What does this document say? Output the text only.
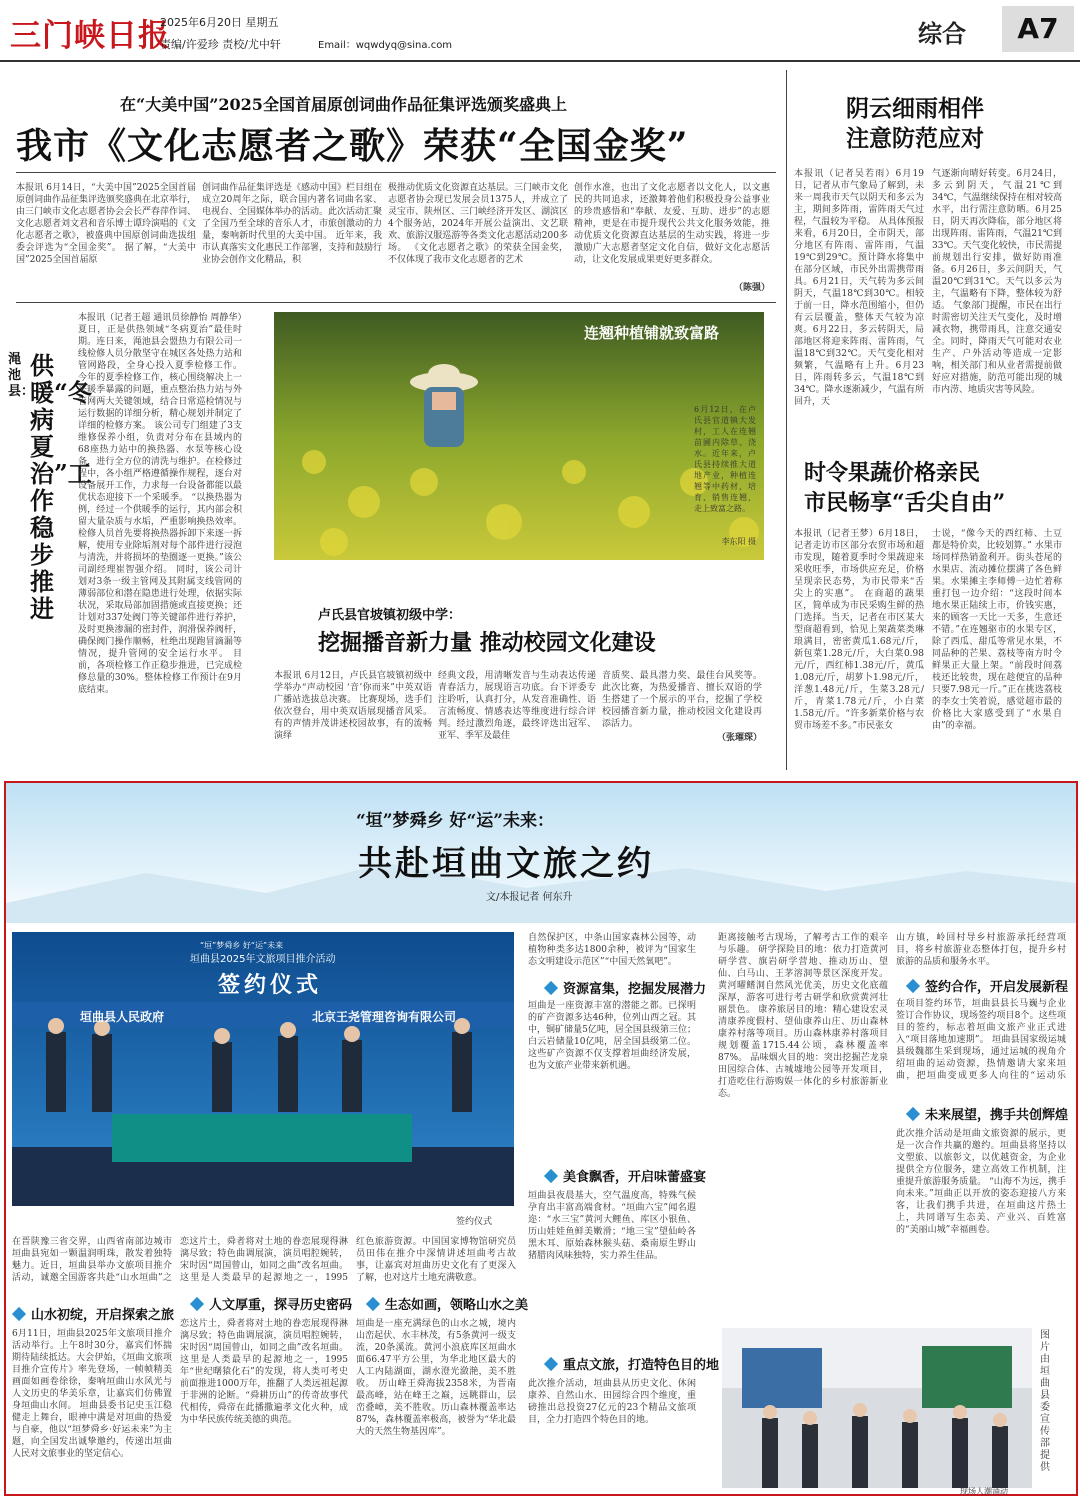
三门峡日报
2025年6月20日 星期五
责编/许爱珍 责校/尤中轩	Email：wqwdyq@sina.com	综合	A7
在“大美中国”2025全国首届原创词曲作品征集评选颁奖盛典上
我市《文化志愿者之歌》荣获“全国金奖”
本报讯 6月14日，“大美中国”2025全国首届原创词曲作品征集评选颁奖盛典在北京举行，由三门峡市文化志愿者协会会长严春萍作词、文化志愿者刘文君和音乐博士谭玲演唱的《文化志愿者之歌》，被盛典中国原创词曲选拔组委会评选为“全国金奖”。 据了解，“大美中国”2025全国首届原
创词曲作品征集评选是《感动中国》栏目组在成立20周年之际，联合国内著名词曲名家、电视台、全国媒体举办的活动。此次活动汇聚了全国乃至全球的音乐人才，市旅创激动的力量，秦响新时代里的大美中国。 近年来，我市认真落实文化惠民工作部署，支持和鼓励行业协会创作文化精品，积
极推动优质文化资源直达基层。三门峡市文化志愿者协会现已发展会员1375人，并成立了灵宝市、陕州区、三门峡经济开发区、湖滨区4个服务站，2024年开展公益演出、文艺联欢、旅游汉服巡游等各类文化志愿活动200多场。 《文化志愿者之歌》的荣获全国金奖，不仅体现了我市文化志愿者的艺术
创作水准，也出了文化志愿者以文化人，以文惠民的共同追求，还激舞着他们积极投身公益事业的珍贵感悟和“奉献、友爱、互助、进步”的志愿精神，更是在市提升现代公共文化服务效能，推动优质文化资源直达基层的生动实践，将进一步激励广大志愿者坚定文化自信，做好文化志愿活动，让文化发展成果更好更多群众。
（陈强）
阴云细雨相伴
注意防范应对
本报讯（记者吴若雨）6月19日，记者从市气象局了解到，未来一周我市天气以阴天和多云为主，期间多阵雨，雷阵雨天气过程，气温较为平稳。 从具体预报来看，6月20日，全市阴天，部分地区有阵雨、雷阵雨，气温19℃到29℃。预计降水将集中在部分区域，市民外出需携带雨具。6月21日，天气转为多云间阴天，气温18℃到30℃。相较于前一日，降水范围缩小，但仍有云层覆盖，整体天气较为凉爽。6月22日，多云转阴天，局部地区将迎来阵雨、雷阵雨，气温18℃到32℃。天气变化相对频繁，气温略有上升。6月23日，阵雨转多云，气温18℃到34℃。降水逐渐减少，气温有所回升，天
气逐渐向晴好转变。6月24日，多云到阴天，气温21℃到34℃，气温继续保持在相对较高水平，出行需注意防晒。6月25日，阴天再次降临，部分地区将出现阵雨、雷阵雨，气温21℃到33℃。天气变化较快，市民需提前规划出行安排，做好防雨准备。6月26日，多云间阴天，气温20℃到31℃。天气以多云为主，气温略有下降，整体较为舒适。 气象部门提醒，市民在出行时需密切关注天气变化，及时增减衣物，携带雨具，注意交通安全。同时，降雨天气可能对农业生产、户外活动等造成一定影响，相关部门和从业者需提前做好应对措施，防范可能出现的城市内涝、地质灾害等风险。
渑池县：
供暖“冬病夏治”工作稳步推进
本报讯（记者王超 通讯员徐静怡 周静华）夏日，正是供热领域“冬病夏治”最佳时期。连日来，渑池县会盟热力有限公司一线检修人员分散坚守在城区各处热力站和管网路段，全身心投入夏季检修工作。 今年的夏季检修工作，核心围绕解决上一采暖季暴露的问题，重点整治热力站与外管网两大关键领域，结合日常巡检情况与运行数据的详细分析，精心规划并制定了详细的检修方案。 该公司专门组建了3支维修保养小组，负责对分布在县域内的68座热力站中的换热器、水泵等核心设备，进行全方位的清洗与维护。在检修过程中，各小组严格遵循操作规程，逐台对设备展开工作，力求每一台设备都能以最优状态迎接下一个采暖季。 “以换热器为例，经过一个供暖季的运行，其内部会积留大量杂质与水垢，严重影响换热效率。检修人员首先要将换热器拆卸下来逐一拆解，使用专业除垢剂对每个部件进行浸泡与清洗，并将损坏的垫圈逐一更换。”该公司副经理崔智强介绍。 同时，该公司计划对3条一级主管网及其附属支线管网的薄弱部位和潜在隐患进行处理，依据实际状况，采取局部加固措施或直接更换；还计划对337处阀门等关键部件进行养护，及时更换渗漏的密封件，润滑保养阀杆，确保阀门操作顺畅，杜绝出现跑冒滴漏等情况，提升管网的安全运行水平。 目前，各项检修工作正稳步推进，已完成检修总量的30%。整体检修工作预计在9月底结束。
连翘种植铺就致富路
6月12日，在卢氏县官道镇大发村，工人在连翘苗圃内除草、浇水。近年来，卢氏县持续推大道地产业，种植连翘等中药材，培育、销售连翘，走上致富之路。
李东阳 摄
卢氏县官坡镇初级中学：
挖掘播音新力量 推动校园文化建设
本报讯 6月12日，卢氏县官坡镇初级中学举办“声动校园 ‘音’你而来”中英双语广播站选拔总决赛。 比赛现场，选手们依次登台，用中英双语展现播音风采。有的声情并茂讲述校园故事，有的流畅演绎
经典文段，用清晰发音与生动表达传递青春活力，展现语言功底。台下评委专注聆听，认真打分，从发音准确性、语言流畅度、情感表达等维度进行综合评判。经过激烈角逐，最终评选出冠军、亚军、季军及最佳
音质奖、最具潜力奖、最佳台风奖等。 此次比赛，为热爱播音、擅长双语的学生搭建了一个展示的平台，挖掘了学校校园播音新力量，推动校园文化建设再添活力。
（张璀琛）
时令果蔬价格亲民
市民畅享“舌尖自由”
本报讯（记者王梦）6月18日，记者走访市区部分农贸市场和超市发现，随着夏季时令果蔬迎来采收旺季，市场供应充足，价格呈现亲民态势，为市民带来“舌尖上的实惠”。 在商超的蔬果区，简单成为市民采购生鲜的热门选择。当天，记者在市区某大型商超看到，恰见上架蔬菜类琳琅满目，密密黄瓜1.68元/斤，新包菜1.28元/斤，大白菜0.98元/斤，西红柿1.38元/斤，黄瓜1.08元/斤，胡萝卜1.98元/斤，洋葱1.48元/斤，生菜3.28元/斤，青菜1.78元/斤，小白菜1.58元/斤。“许多新菜价格与农贸市场差不多。”市民张女
士说，“像今天的西红柿、土豆都是特价卖，比较划算。” 水果市场同样热销盈利开。街头苍尾的水果店、流动摊位摆满了各色鲜果。水果摊主李师傅一边忙着称重打包一边介绍：“这段时间本地水果正陆续上市，价钱实惠，来的顾客一天比一天多，生意还不错。”在连翘驱市的水果专区，除了西瓜、甜瓜等常见水果，不同品种的芒果、荔枝等南方时令鲜果正大量上架。“前段时间荔枝还比较贵，现在趁便宜的品种只要7.98元一斤。”正在挑选荔枝的李女士笑着说，感觉超市最的价格比大家感受到了“水果自由”的幸福。
“垣”梦舜乡 好“运”未来：
共赴垣曲文旅之约
文/本报记者 何东升
“垣”梦舜乡 好“运”未来
垣曲县2025年文旅项目推介活动
签约仪式
垣曲县人民政府	北京王尧管理咨询有限公司
签约仪式
在晋陕豫三省交界，山西省南部边城市垣曲县宛如一颗温润明珠，散发着独特魅力。近日，垣曲县举办文旅项目推介活动，诚邀全国游客共赴“山水垣曲”之
山水初绽，开启探索之旅
6月11日，垣曲县2025年文旅项目推介活动举行。上午8时30分，嘉宾们怀揣期待陆续抵达。大会伊始，《垣曲文旅项目推介宣传片》率先登场，一帧帧精美画面如画卷徐徐，秦响垣曲山水风光与人文历史的华美乐章，让嘉宾们仿佛置身垣曲山水间。 垣曲县委书记史玉江稳健走上舞台，眼神中满是对垣曲的热爱与自豪，他以“垣梦舜乡·好运未来”为主题，向全国发出诚挚邀约，传递出垣曲人民对文旅事业的坚定信心。
人文厚重，探寻历史密码
恋这片土，舜者将对土地的眷恋展现得淋漓尽致；特色曲调展演，演员唱腔婉转，宋时因“周国曾山，如同之曲”改名垣曲。这里是人类最早的起源地之一，1995
恋这片土，舜者将对土地的眷恋展现得淋漓尽致；特色曲调展演，演员唱腔婉转，宋时因“周国曾山，如同之曲”改名垣曲。这里是人类最早的起源地之一，1995年“世纪曙猿化石”的发现，将人类可考史前面推进1000万年，推翻了人类远祖起源于非洲的论断。“舜耕历山”的传奇故事代代相传，舜帝在此播撒遍孝文化火种，成为中华民族传统美德的典范。
红色旅游资源。中国国家博物馆研究员员田伟在推介中深情讲述垣曲考古故事，让嘉宾对垣曲历史文化有了更深入了解，也对这片土地充满敬意。
生态如画，领略山水之美
垣曲是一座充满绿色的山水之城，境内山峦起伏、水丰林茂，有5条黄河一级支流，20条溪流。黄河小浪底库区垣曲水面66.47平方公里，为华北地区最大的人工内陆湖面，湖水澄光潋滟，美不胜收。 历山峰王舜海拔2358米，为晋南最高峰，站在峰王之巅，远眺群山，层峦叠嶂，美不胜收。历山森林覆盖率达87%，森林覆盖率极高，被誉为“华北最大的天然生物基因库”。
自然保护区，中条山国家森林公园等，动植物种类多达1800余种，被评为“国家生态文明建设示范区”“中国天然氧吧”。
资源富集，挖掘发展潜力
垣曲是一座资源丰富的潜能之都。已探明的矿产资源多达46种，位列山西之冠。其中，铜矿储量5亿吨，居全国县级第三位；白云岩储量10亿吨，居全国县级第二位。这些矿产资源不仅支撑着垣曲经济发展，也为文旅产业带来新机遇。
美食飘香，开启味蕾盛宴
垣曲县夜晨基大，空气温度高，特殊气候孕育出丰富高端食材。“垣曲六宝”闻名遐迩：“水三宝”黄河大鲤鱼、库区小银鱼、历山娃娃鱼鲜美嫩滑；“地三宝”望仙岭各黑木耳、原始森林猴头菇、桑南原生野山猪腊肉风味独特，实力养生佳品。
重点文旅，打造特色目的地
此次推介活动，垣曲县从历史文化、休闲康养、自然山水、田园综合四个维度，重磅推出总投资27亿元的23个精品文旅项目，全力打造四个特色目的地。
距离接触考古现场，了解考古工作的艰辛与乐趣。 研学探险目的地：依力打造黄河研学营、旗岩研学营地、推动历山、望仙、白马山、王茅溶洞等景区深度开发。黄河曜鳍洞自然风光优美，历史文化底蕴深厚，游客可进行考古研学和欣赏黄河壮丽景色。 康养旅居目的地：精心建设宏灵清康养度假村、望仙康养山庄、历山森林康养村落等项目。历山森林康养村落项目规划覆盖1715.44公顷，森林覆盖率87%。 品味烟火目的地：突出挖掘芒龙泉田园综合体、古城墟地公园等开发项目，打造吃住行游购娱一体化的乡村旅游新业态。
山方镇，岭回村导乡村旅游承托经营项目，将乡村旅游业态整体打包，提升乡村旅游的品质和服务水平。
签约合作，开启发展新程
在项目签约环节，垣曲县县长马巍与企业签订合作协议，现场签约项目8个。这些项目的签约，标志着垣曲文旅产业正式进入“项目落地加速期”。 垣曲县国家级运城县级魏都生采到现场，通过运城的视角介绍垣曲的运动资源，热情邀请大家来垣曲，把垣曲变成更多人向往的“运动乐
未来展望，携手共创辉煌
此次推介活动是垣曲文旅资源的展示，更是一次合作共赢的邀约。垣曲县将坚持以文塑旅、以旅彰文，以优越资金，为企业提供全方位服务，建立高效工作机制，注重提升旅游服务质量。 “山海不为远，携手向未来。”垣曲正以开放的姿态迎接八方来客，让我们携手共进，在垣曲这片热土上，共同谱写生态美、产业兴、百姓富的“美丽山城”幸福画卷。
现场人潮涌动
图片由垣曲县委宣传部提供
